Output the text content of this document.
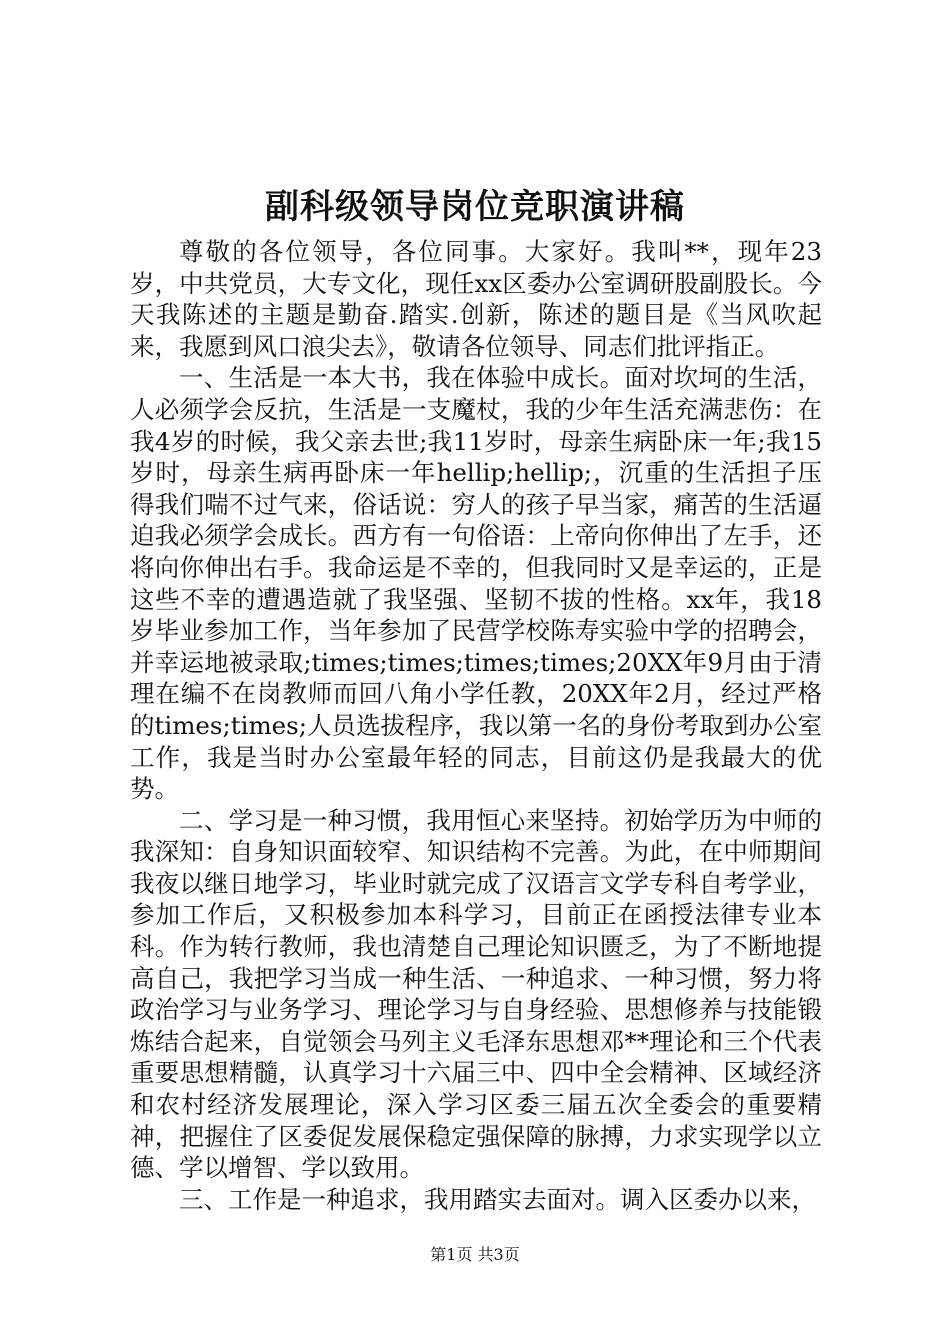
副科级领导岗位竞职演讲稿

尊敬的各位领导，各位同事。大家好。我叫**，现年23岁，中共党员，大专文化，现任xx区委办公室调研股副股长。今天我陈述的主题是勤奋.踏实.创新，陈述的题目是《当风吹起来，我愿到风口浪尖去》，敬请各位领导、同志们批评指正。

一、生活是一本大书，我在体验中成长。面对坎坷的生活，人必须学会反抗，生活是一支魔杖，我的少年生活充满悲伤：在我4岁的时候，我父亲去世;我11岁时，母亲生病卧床一年;我15岁时，母亲生病再卧床一年hellip;hellip;，沉重的生活担子压得我们喘不过气来，俗话说：穷人的孩子早当家，痛苦的生活逼迫我必须学会成长。西方有一句俗语：上帝向你伸出了左手，还将向你伸出右手。我命运是不幸的，但我同时又是幸运的，正是这些不幸的遭遇造就了我坚强、坚韧不拔的性格。xx年，我18岁毕业参加工作，当年参加了民营学校陈寿实验中学的招聘会，并幸运地被录取;times;times;times;times;20XX年9月由于清理在编不在岗教师而回八角小学任教，20XX年2月，经过严格的times;times;人员选拔程序，我以第一名的身份考取到办公室工作，我是当时办公室最年轻的同志，目前这仍是我最大的优势。

二、学习是一种习惯，我用恒心来坚持。初始学历为中师的我深知：自身知识面较窄、知识结构不完善。为此，在中师期间我夜以继日地学习，毕业时就完成了汉语言文学专科自考学业，参加工作后，又积极参加本科学习，目前正在函授法律专业本科。作为转行教师，我也清楚自己理论知识匮乏，为了不断地提高自己，我把学习当成一种生活、一种追求、一种习惯，努力将政治学习与业务学习、理论学习与自身经验、思想修养与技能锻炼结合起来，自觉领会马列主义毛泽东思想邓**理论和三个代表重要思想精髓，认真学习十六届三中、四中全会精神、区域经济和农村经济发展理论，深入学习区委三届五次全委会的重要精神，把握住了区委促发展保稳定强保障的脉搏，力求实现学以立德、学以增智、学以致用。

三、工作是一种追求，我用踏实去面对。调入区委办以来，

第1页 共3页
